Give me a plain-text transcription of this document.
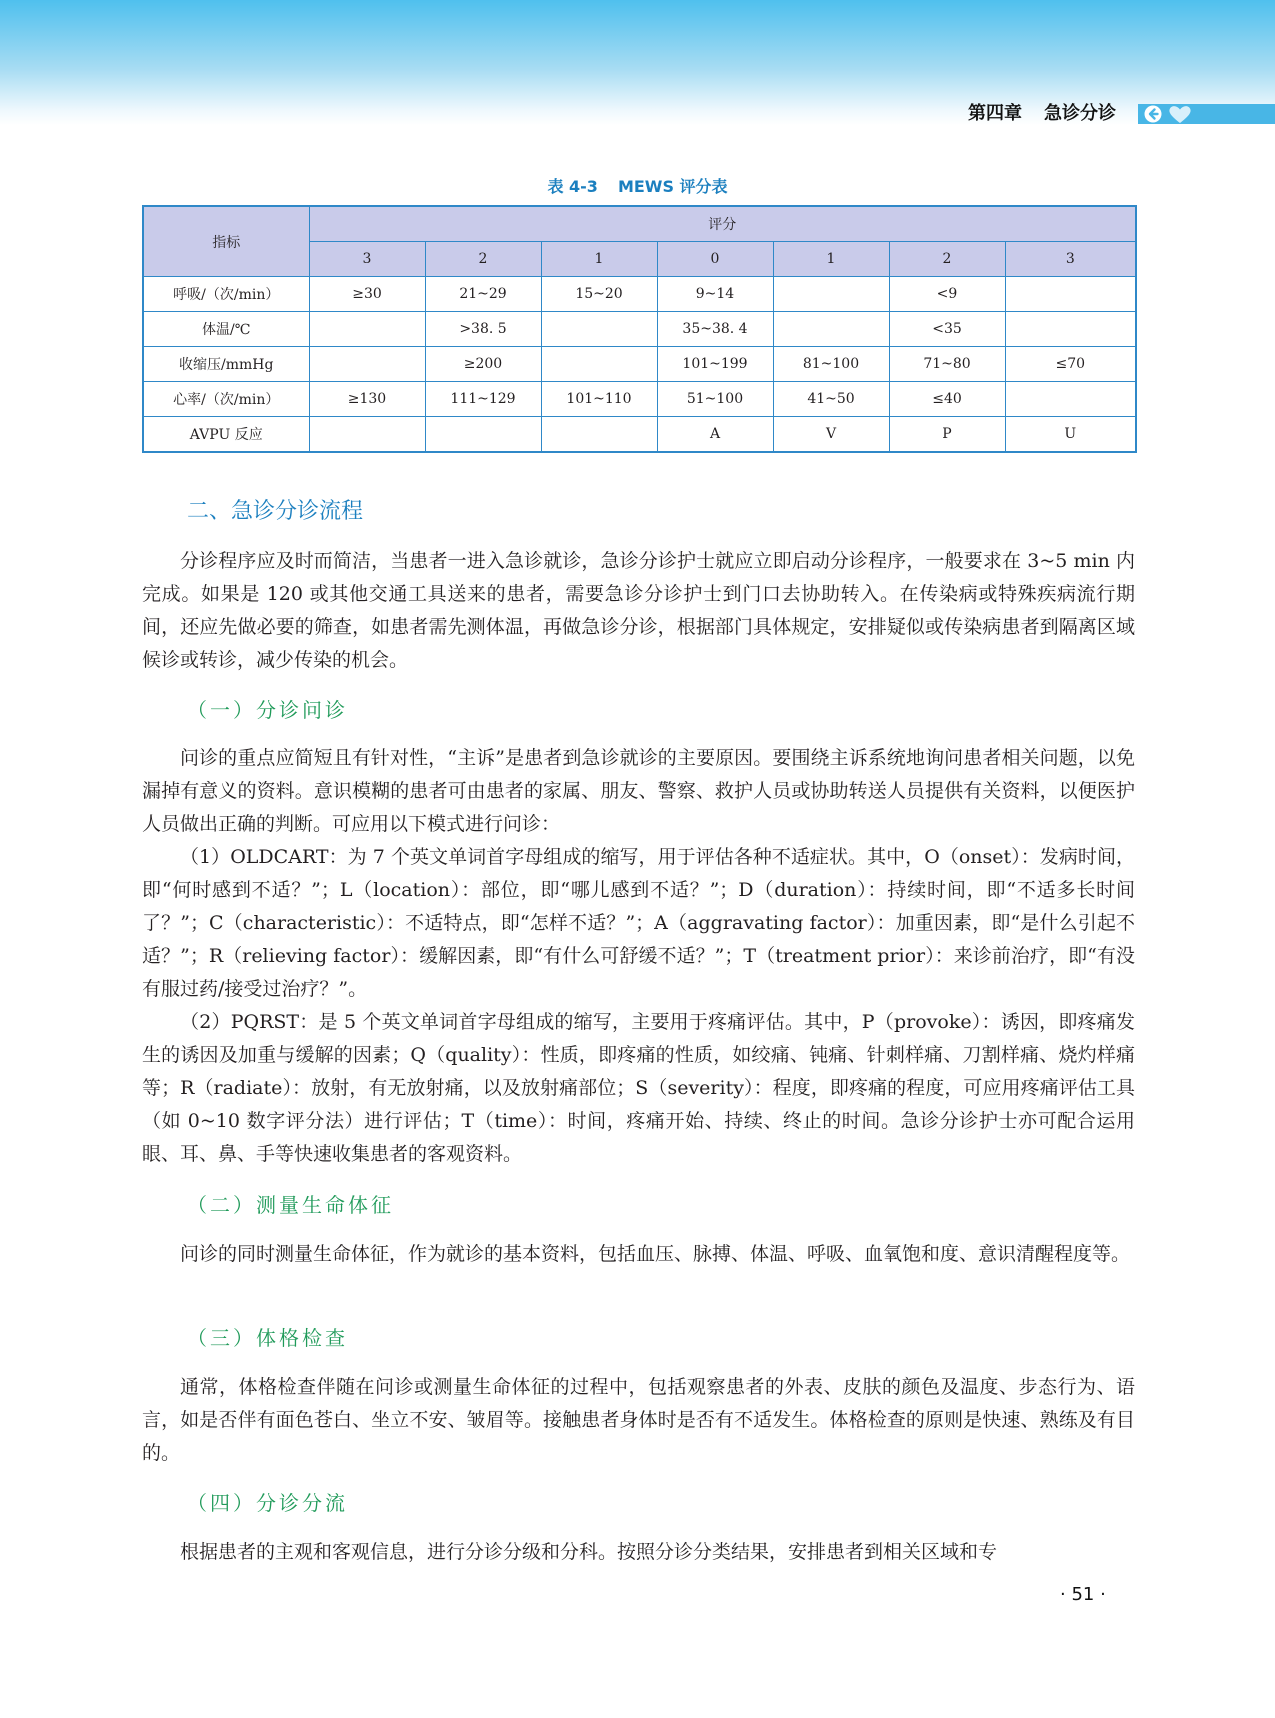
第四章 急诊分诊
表 4-3 MEWS 评分表
指标	评分						
	3	2	1	0	1	2	3
呼吸/（次/min）	≥30	21~29	15~20	9~14		<9	
体温/℃		>38. 5		35~38. 4		<35	
收缩压/mmHg		≥200		101~199	81~100	71~80	≤70
心率/（次/min）	≥130	111~129	101~110	51~100	41~50	≤40	
AVPU 反应				A	V	P	U
二、急诊分诊流程

分诊程序应及时而简洁，当患者一进入急诊就诊，急诊分诊护士就应立即启动分诊程序，一般要求在 3~5 min 内完成。如果是 120 或其他交通工具送来的患者，需要急诊分诊护士到门口去协助转入。在传染病或特殊疾病流行期间，还应先做必要的筛查，如患者需先测体温，再做急诊分诊，根据部门具体规定，安排疑似或传染病患者到隔离区域候诊或转诊，减少传染的机会。

（一）分诊问诊

问诊的重点应简短且有针对性，“主诉”是患者到急诊就诊的主要原因。要围绕主诉系统地询问患者相关问题，以免漏掉有意义的资料。意识模糊的患者可由患者的家属、朋友、警察、救护人员或协助转送人员提供有关资料，以便医护人员做出正确的判断。可应用以下模式进行问诊：

（1）OLDCART：为 7 个英文单词首字母组成的缩写，用于评估各种不适症状。其中，O（onset）：发病时间，即“何时感到不适？”；L（location）：部位，即“哪儿感到不适？”；D（duration）：持续时间，即“不适多长时间了？”；C（characteristic）：不适特点，即“怎样不适？”；A（aggravating factor）：加重因素，即“是什么引起不适？”；R（relieving factor）：缓解因素，即“有什么可舒缓不适？”；T（treatment prior）：来诊前治疗，即“有没有服过药/接受过治疗？”。

（2）PQRST：是 5 个英文单词首字母组成的缩写，主要用于疼痛评估。其中，P（provoke）：诱因，即疼痛发生的诱因及加重与缓解的因素；Q（quality）：性质，即疼痛的性质，如绞痛、钝痛、针刺样痛、刀割样痛、烧灼样痛等；R（radiate）：放射，有无放射痛，以及放射痛部位；S（severity）：程度，即疼痛的程度，可应用疼痛评估工具（如 0~10 数字评分法）进行评估；T（time）：时间，疼痛开始、持续、终止的时间。急诊分诊护士亦可配合运用眼、耳、鼻、手等快速收集患者的客观资料。

（二）测量生命体征

问诊的同时测量生命体征，作为就诊的基本资料，包括血压、脉搏、体温、呼吸、血氧饱和度、意识清醒程度等。

（三）体格检查

通常，体格检查伴随在问诊或测量生命体征的过程中，包括观察患者的外表、皮肤的颜色及温度、步态行为、语言，如是否伴有面色苍白、坐立不安、皱眉等。接触患者身体时是否有不适发生。体格检查的原则是快速、熟练及有目的。

（四）分诊分流

根据患者的主观和客观信息，进行分诊分级和分科。按照分诊分类结果，安排患者到相关区域和专

· 51 ·
